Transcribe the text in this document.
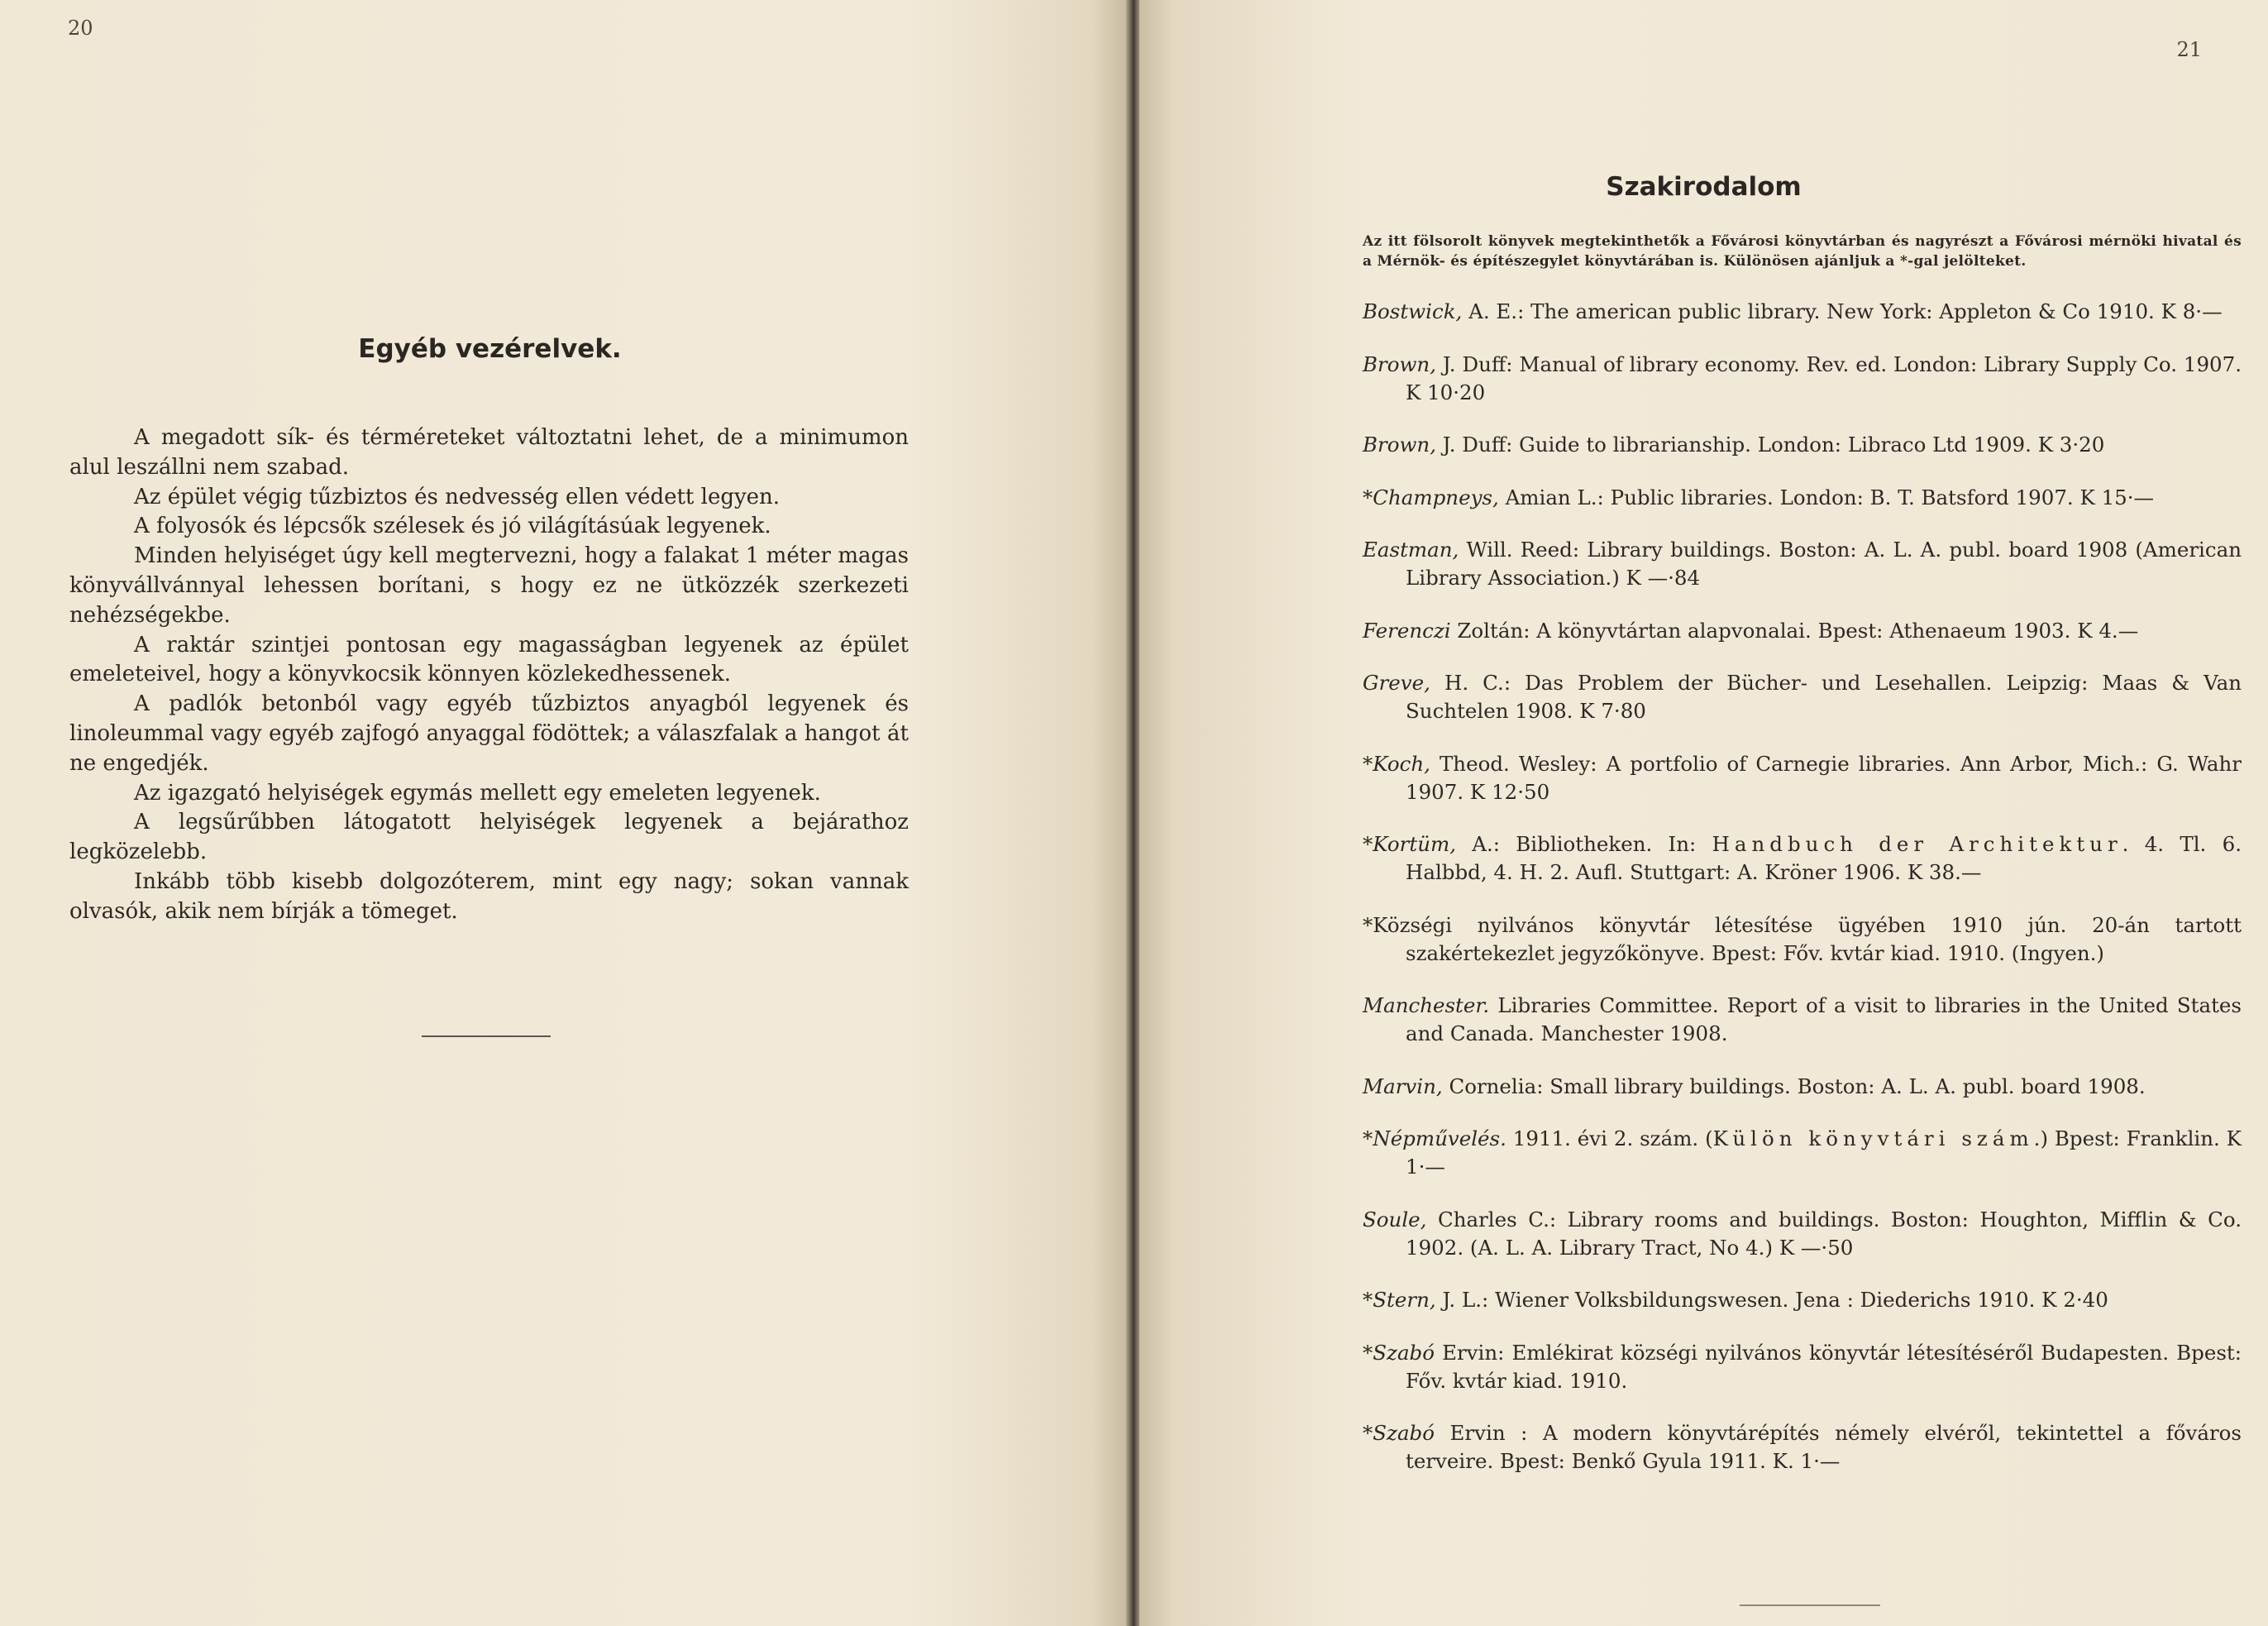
20
Egyéb vezérelvek.

A megadott sík- és térméreteket változtatni lehet, de a minimumon alul leszállni nem szabad.

Az épület végig tűzbiztos és nedvesség ellen védett legyen.

A folyosók és lépcsők szélesek és jó világításúak legyenek.

Minden helyiséget úgy kell megtervezni, hogy a falakat 1 méter magas könyvállvánnyal lehessen borítani, s hogy ez ne ütközzék szerkezeti nehézségekbe.

A raktár szintjei pontosan egy magasságban legyenek az épület emeleteivel, hogy a könyvkocsik könnyen közlekedhessenek.

A padlók betonból vagy egyéb tűzbiztos anyagból legyenek és linoleummal vagy egyéb zajfogó anyaggal födöttek; a válaszfalak a hangot át ne engedjék.

Az igazgató helyiségek egymás mellett egy emeleten legyenek.

A legsűrűbben látogatott helyiségek legyenek a bejárathoz legközelebb.

Inkább több kisebb dolgozóterem, mint egy nagy; sokan vannak olvasók, akik nem bírják a tömeget.

21
Szakirodalom
Az itt fölsorolt könyvek megtekinthetők a Fővárosi könyvtárban és nagyrészt a Fővárosi mérnöki hivatal és a Mérnök- és építészegylet könyvtárában is. Különösen ajánljuk a *-gal jelölteket.
Bostwick, A. E.: The american public library. New York: Appleton & Co 1910. K 8·—
Brown, J. Duff: Manual of library economy. Rev. ed. London: Library Supply Co. 1907. K 10·20
Brown, J. Duff: Guide to librarianship. London: Libraco Ltd 1909. K 3·20
*Champneys, Amian L.: Public libraries. London: B. T. Batsford 1907. K 15·—
Eastman, Will. Reed: Library buildings. Boston: A. L. A. publ. board 1908 (American Library Association.) K —·84
Ferenczi Zoltán: A könyvtártan alapvonalai. Bpest: Athenaeum 1903. K 4.—
Greve, H. C.: Das Problem der Bücher- und Lesehallen. Leipzig: Maas & Van Suchtelen 1908. K 7·80
*Koch, Theod. Wesley: A portfolio of Carnegie libraries. Ann Arbor, Mich.: G. Wahr 1907. K 12·50
*Kortüm, A.: Bibliotheken. In: Handbuch der Architektur. 4. Tl. 6. Halbbd, 4. H. 2. Aufl. Stuttgart: A. Kröner 1906. K 38.—
*Községi nyilvános könyvtár létesítése ügyében 1910 jún. 20-án tartott szakértekezlet jegyzőkönyve. Bpest: Főv. kvtár kiad. 1910. (Ingyen.)
Manchester. Libraries Committee. Report of a visit to libraries in the United States and Canada. Manchester 1908.
Marvin, Cornelia: Small library buildings. Boston: A. L. A. publ. board 1908.
*Népművelés. 1911. évi 2. szám. (Külön könyvtári szám.) Bpest: Franklin. K 1·—
Soule, Charles C.: Library rooms and buildings. Boston: Houghton, Mifflin & Co. 1902. (A. L. A. Library Tract, No 4.) K —·50
*Stern, J. L.: Wiener Volksbildungswesen. Jena : Diederichs 1910. K 2·40
*Szabó Ervin: Emlékirat községi nyilvános könyvtár létesítéséről Budapesten. Bpest: Főv. kvtár kiad. 1910.
*Szabó Ervin : A modern könyvtárépítés némely elvéről, tekintettel a főváros terveire. Bpest: Benkő Gyula 1911. K. 1·—
